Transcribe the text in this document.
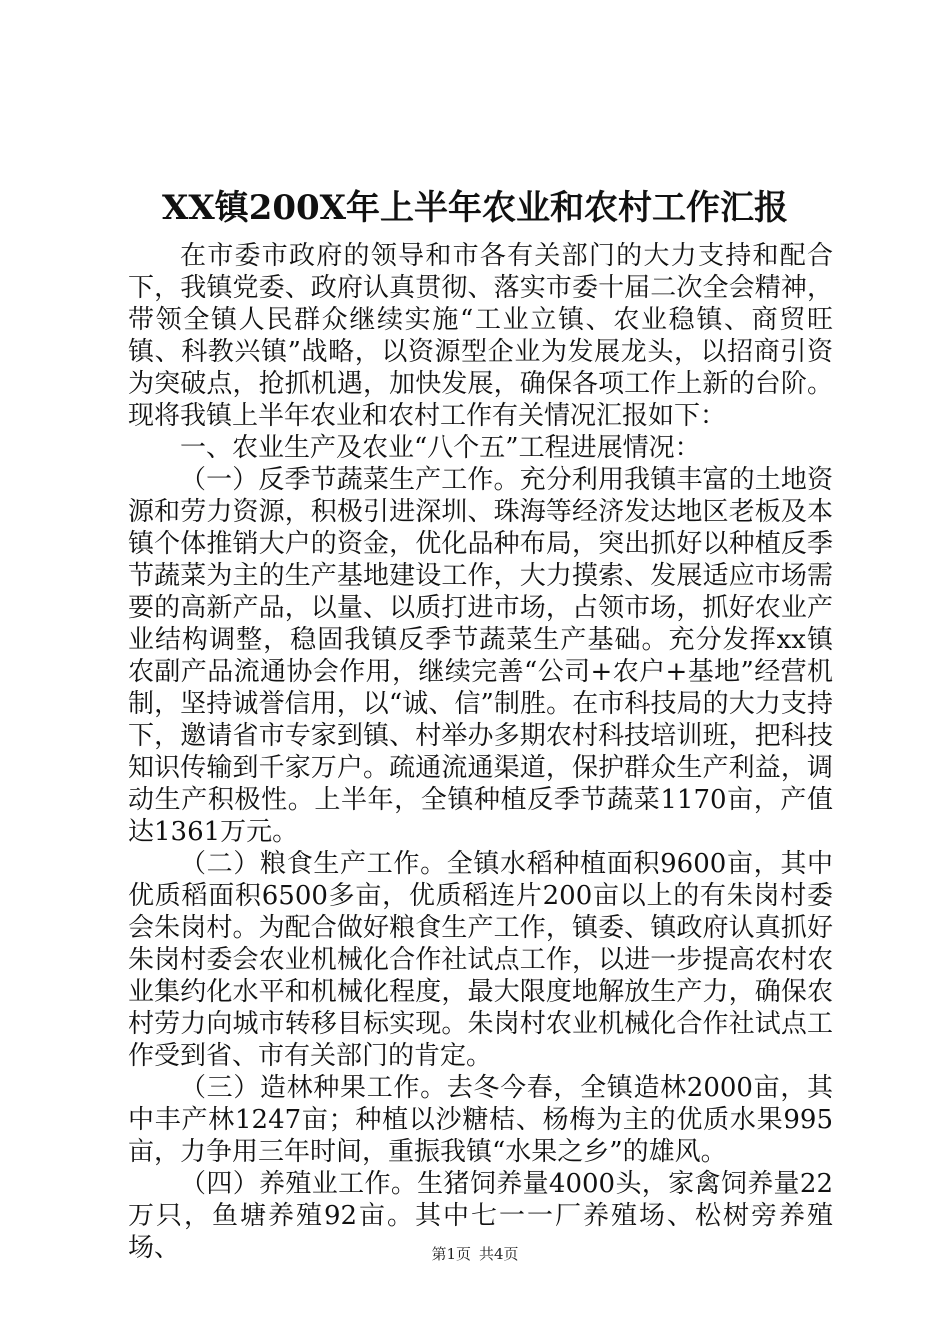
XX镇200X年上半年农业和农村工作汇报

在市委市政府的领导和市各有关部门的大力支持和配合下，我镇党委、政府认真贯彻、落实市委十届二次全会精神，带领全镇人民群众继续实施“工业立镇、农业稳镇、商贸旺镇、科教兴镇”战略，以资源型企业为发展龙头，以招商引资为突破点，抢抓机遇，加快发展，确保各项工作上新的台阶。现将我镇上半年农业和农村工作有关情况汇报如下：

一、农业生产及农业“八个五”工程进展情况：

（一）反季节蔬菜生产工作。充分利用我镇丰富的土地资源和劳力资源，积极引进深圳、珠海等经济发达地区老板及本镇个体推销大户的资金，优化品种布局，突出抓好以种植反季节蔬菜为主的生产基地建设工作，大力摸索、发展适应市场需要的高新产品，以量、以质打进市场，占领市场，抓好农业产业结构调整，稳固我镇反季节蔬菜生产基础。充分发挥xx镇农副产品流通协会作用，继续完善“公司+农户+基地”经营机制，坚持诚誉信用，以“诚、信”制胜。在市科技局的大力支持下，邀请省市专家到镇、村举办多期农村科技培训班，把科技知识传输到千家万户。疏通流通渠道，保护群众生产利益，调动生产积极性。上半年，全镇种植反季节蔬菜1170亩，产值达1361万元。

（二）粮食生产工作。全镇水稻种植面积9600亩，其中优质稻面积6500多亩，优质稻连片200亩以上的有朱岗村委会朱岗村。为配合做好粮食生产工作，镇委、镇政府认真抓好朱岗村委会农业机械化合作社试点工作，以进一步提高农村农业集约化水平和机械化程度，最大限度地解放生产力，确保农村劳力向城市转移目标实现。朱岗村农业机械化合作社试点工作受到省、市有关部门的肯定。

（三）造林种果工作。去冬今春，全镇造林2000亩，其中丰产林1247亩；种植以沙糖桔、杨梅为主的优质水果995亩，力争用三年时间，重振我镇“水果之乡”的雄风。

（四）养殖业工作。生猪饲养量4000头，家禽饲养量22万只，鱼塘养殖92亩。其中七一一厂养殖场、松树旁养殖场、	第1页 共4页
